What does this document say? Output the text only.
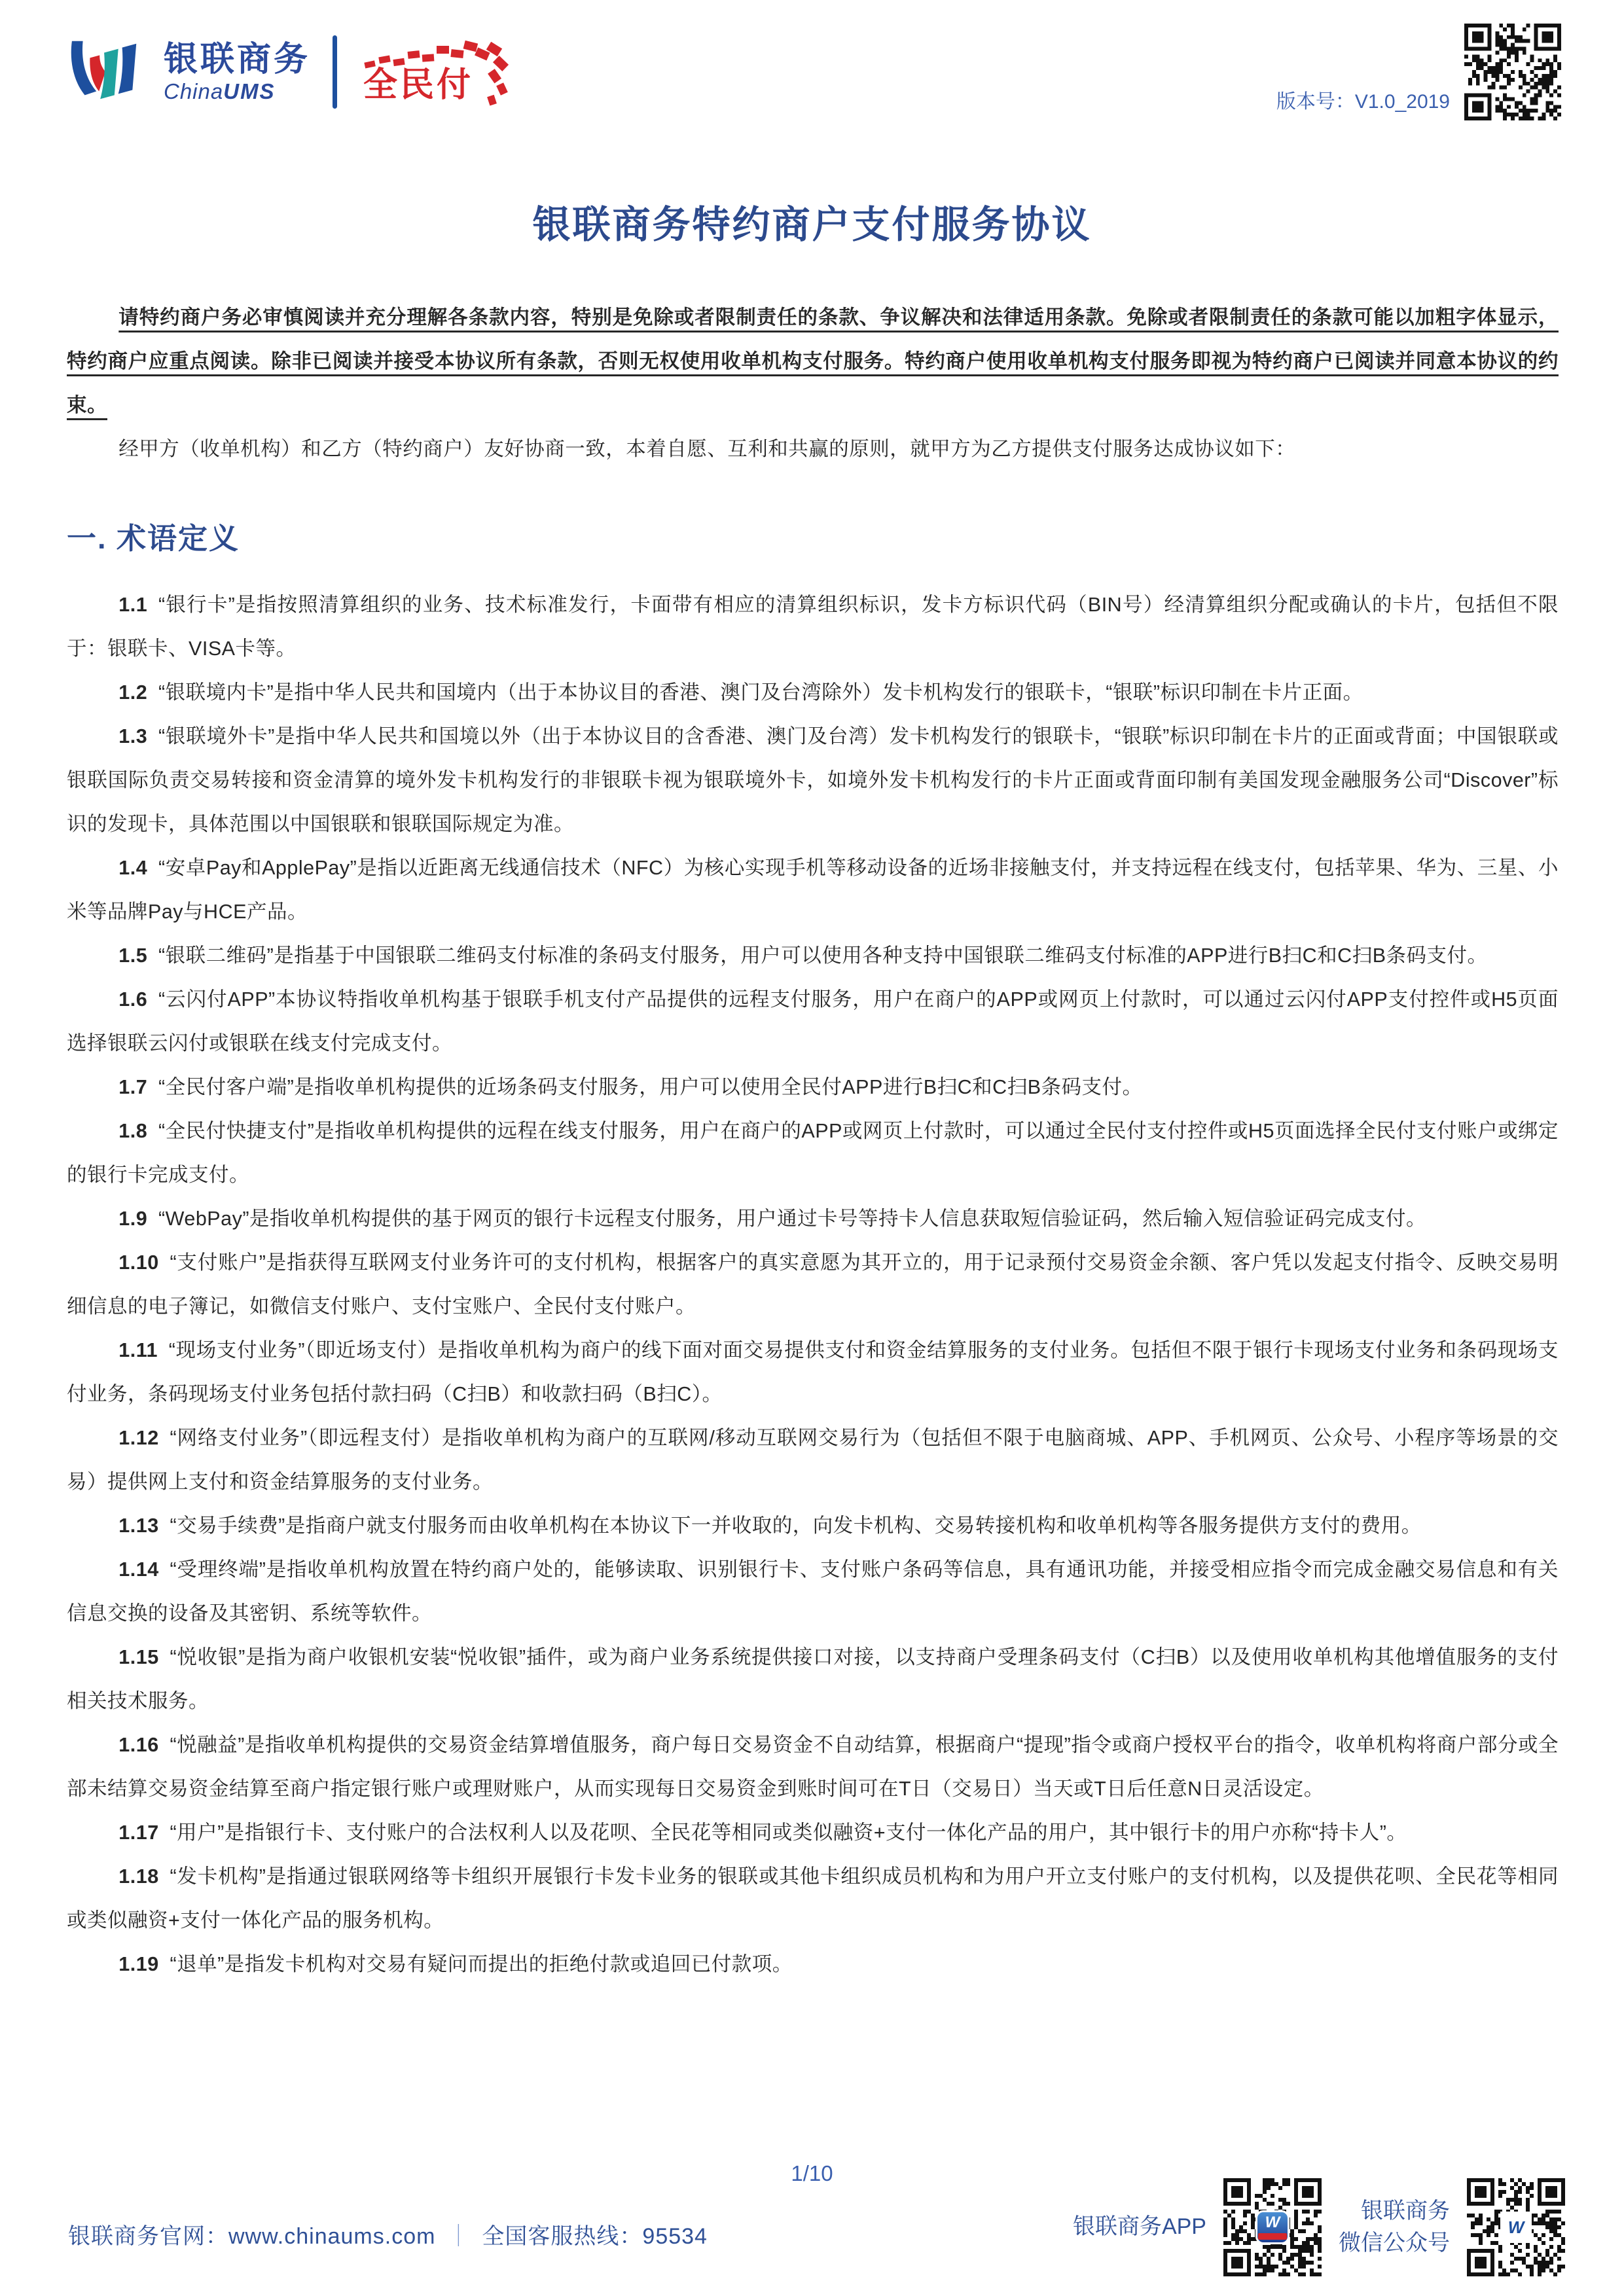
银联商务
ChinaUMS	全民付	版本号：V1.0_2019
银联商务特约商户支付服务协议

请特约商户务必审慎阅读并充分理解各条款内容，特别是免除或者限制责任的条款、争议解决和法律适用条款。免除或者限制责任的条款可能以加粗字体显示，特约商户应重点阅读。除非已阅读并接受本协议所有条款，否则无权使用收单机构支付服务。特约商户使用收单机构支付服务即视为特约商户已阅读并同意本协议的约束。

经甲方（收单机构）和乙方（特约商户）友好协商一致，本着自愿、互利和共赢的原则，就甲方为乙方提供支付服务达成协议如下：

一. 术语定义

1.1 “银行卡”是指按照清算组织的业务、技术标准发行，卡面带有相应的清算组织标识，发卡方标识代码（BIN号）经清算组织分配或确认的卡片，包括但不限于：银联卡、VISA卡等。

1.2 “银联境内卡”是指中华人民共和国境内（出于本协议目的香港、澳门及台湾除外）发卡机构发行的银联卡，“银联”标识印制在卡片正面。

1.3 “银联境外卡”是指中华人民共和国境以外（出于本协议目的含香港、澳门及台湾）发卡机构发行的银联卡，“银联”标识印制在卡片的正面或背面；中国银联或银联国际负责交易转接和资金清算的境外发卡机构发行的非银联卡视为银联境外卡，如境外发卡机构发行的卡片正面或背面印制有美国发现金融服务公司“Discover”标识的发现卡，具体范围以中国银联和银联国际规定为准。

1.4 “安卓Pay和ApplePay”是指以近距离无线通信技术（NFC）为核心实现手机等移动设备的近场非接触支付，并支持远程在线支付，包括苹果、华为、三星、小米等品牌Pay与HCE产品。

1.5 “银联二维码”是指基于中国银联二维码支付标准的条码支付服务，用户可以使用各种支持中国银联二维码支付标准的APP进行B扫C和C扫B条码支付。

1.6 “云闪付APP”本协议特指收单机构基于银联手机支付产品提供的远程支付服务，用户在商户的APP或网页上付款时，可以通过云闪付APP支付控件或H5页面选择银联云闪付或银联在线支付完成支付。

1.7 “全民付客户端”是指收单机构提供的近场条码支付服务，用户可以使用全民付APP进行B扫C和C扫B条码支付。

1.8 “全民付快捷支付”是指收单机构提供的远程在线支付服务，用户在商户的APP或网页上付款时，可以通过全民付支付控件或H5页面选择全民付支付账户或绑定的银行卡完成支付。

1.9 “WebPay”是指收单机构提供的基于网页的银行卡远程支付服务，用户通过卡号等持卡人信息获取短信验证码，然后输入短信验证码完成支付。

1.10 “支付账户”是指获得互联网支付业务许可的支付机构，根据客户的真实意愿为其开立的，用于记录预付交易资金余额、客户凭以发起支付指令、反映交易明细信息的电子簿记，如微信支付账户、支付宝账户、全民付支付账户。

1.11 “现场支付业务”（即近场支付）是指收单机构为商户的线下面对面交易提供支付和资金结算服务的支付业务。包括但不限于银行卡现场支付业务和条码现场支付业务，条码现场支付业务包括付款扫码（C扫B）和收款扫码（B扫C）。

1.12 “网络支付业务”（即远程支付）是指收单机构为商户的互联网/移动互联网交易行为（包括但不限于电脑商城、APP、手机网页、公众号、小程序等场景的交易）提供网上支付和资金结算服务的支付业务。

1.13 “交易手续费”是指商户就支付服务而由收单机构在本协议下一并收取的，向发卡机构、交易转接机构和收单机构等各服务提供方支付的费用。

1.14 “受理终端”是指收单机构放置在特约商户处的，能够读取、识别银行卡、支付账户条码等信息，具有通讯功能，并接受相应指令而完成金融交易信息和有关信息交换的设备及其密钥、系统等软件。

1.15 “悦收银”是指为商户收银机安装“悦收银”插件，或为商户业务系统提供接口对接，以支持商户受理条码支付（C扫B）以及使用收单机构其他增值服务的支付相关技术服务。

1.16 “悦融益”是指收单机构提供的交易资金结算增值服务，商户每日交易资金不自动结算，根据商户“提现”指令或商户授权平台的指令，收单机构将商户部分或全部未结算交易资金结算至商户指定银行账户或理财账户，从而实现每日交易资金到账时间可在T日（交易日）当天或T日后任意N日灵活设定。

1.17 “用户”是指银行卡、支付账户的合法权利人以及花呗、全民花等相同或类似融资+支付一体化产品的用户，其中银行卡的用户亦称“持卡人”。

1.18 “发卡机构”是指通过银联网络等卡组织开展银行卡发卡业务的银联或其他卡组织成员机构和为用户开立支付账户的支付机构，以及提供花呗、全民花等相同或类似融资+支付一体化产品的服务机构。

1.19 “退单”是指发卡机构对交易有疑问而提出的拒绝付款或追回已付款项。

1/10
银联商务官网：www.chinaums.com ｜ 全国客服热线：95534	银联商务APP	W	银联商务
微信公众号
W
